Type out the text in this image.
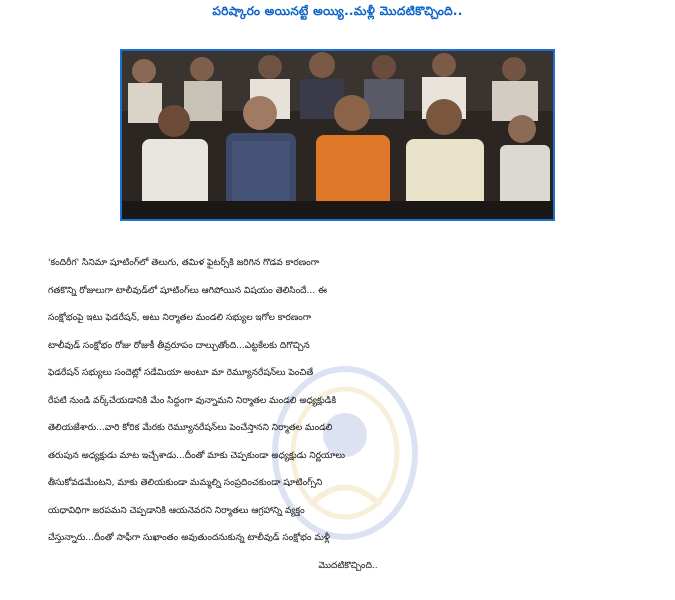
పరిష్కారం అయినట్టే అయ్యి..మళ్లీ మొదటికొచ్చింది..
'కందిరీగ' సినిమా షూటింగ్‌లో తెలుగు, తమిళ ఫైటర్స్‌కి జరిగిన గొడవ కారణంగా
గతకొన్ని రోజులుగా టాలీవుడ్‌లో షూటింగ్‌లు ఆగిపోయిన విషయం తెలిసిందే... ఈ
సంక్షోభంపై ఇటు ఫెడరేషన్, అటు నిర్మాతల మండలి సభ్యుల ఇగోల కారణంగా
టాలీవుడ్ సంక్షోభం రోజు రోజుకీ తీవ్రరూపం దాల్చుతోంది...ఎట్టకేలకు దిగొచ్చిన
ఫెడరేషన్ సభ్యులు సందెట్లో సడేమియా అంటూ మా రెమ్యూనరేషన్‌లు పెంచితే
రేపటి నుండి వర్క్‌చేయడానికి మేం సిద్దంగా వున్నామని నిర్మాతల మండలి అధ్యక్షుడికి
తెలియజేశారు...వారి కోరిక మేరకు రెమ్యూనరేషన్‌లు పెంచేస్తానని నిర్మాతల మండలి
తరుపున అధ్యక్షుడు మాట ఇచ్చేశాడు...దీంతో మాకు చెప్పకుండా అధ్యక్షుడు నిర్ణయాలు
తీసుకోవడమేంటని, మాకు తెలియకుండా మమ్మల్ని సంప్రదించకుండా షూటింగ్స్‌ని
యధావిధిగా జరపమని చెప్పడానికి ఆయనెవరని నిర్మాతలు ఆగ్రహాన్ని వ్యక్తం
చేస్తున్నారు...దీంతో సాఫీగా సుఖాంతం అవుతుందనుకున్న టాలీవుడ్ సంక్షోభం మళ్లీ
మొదటికొచ్చింది..
